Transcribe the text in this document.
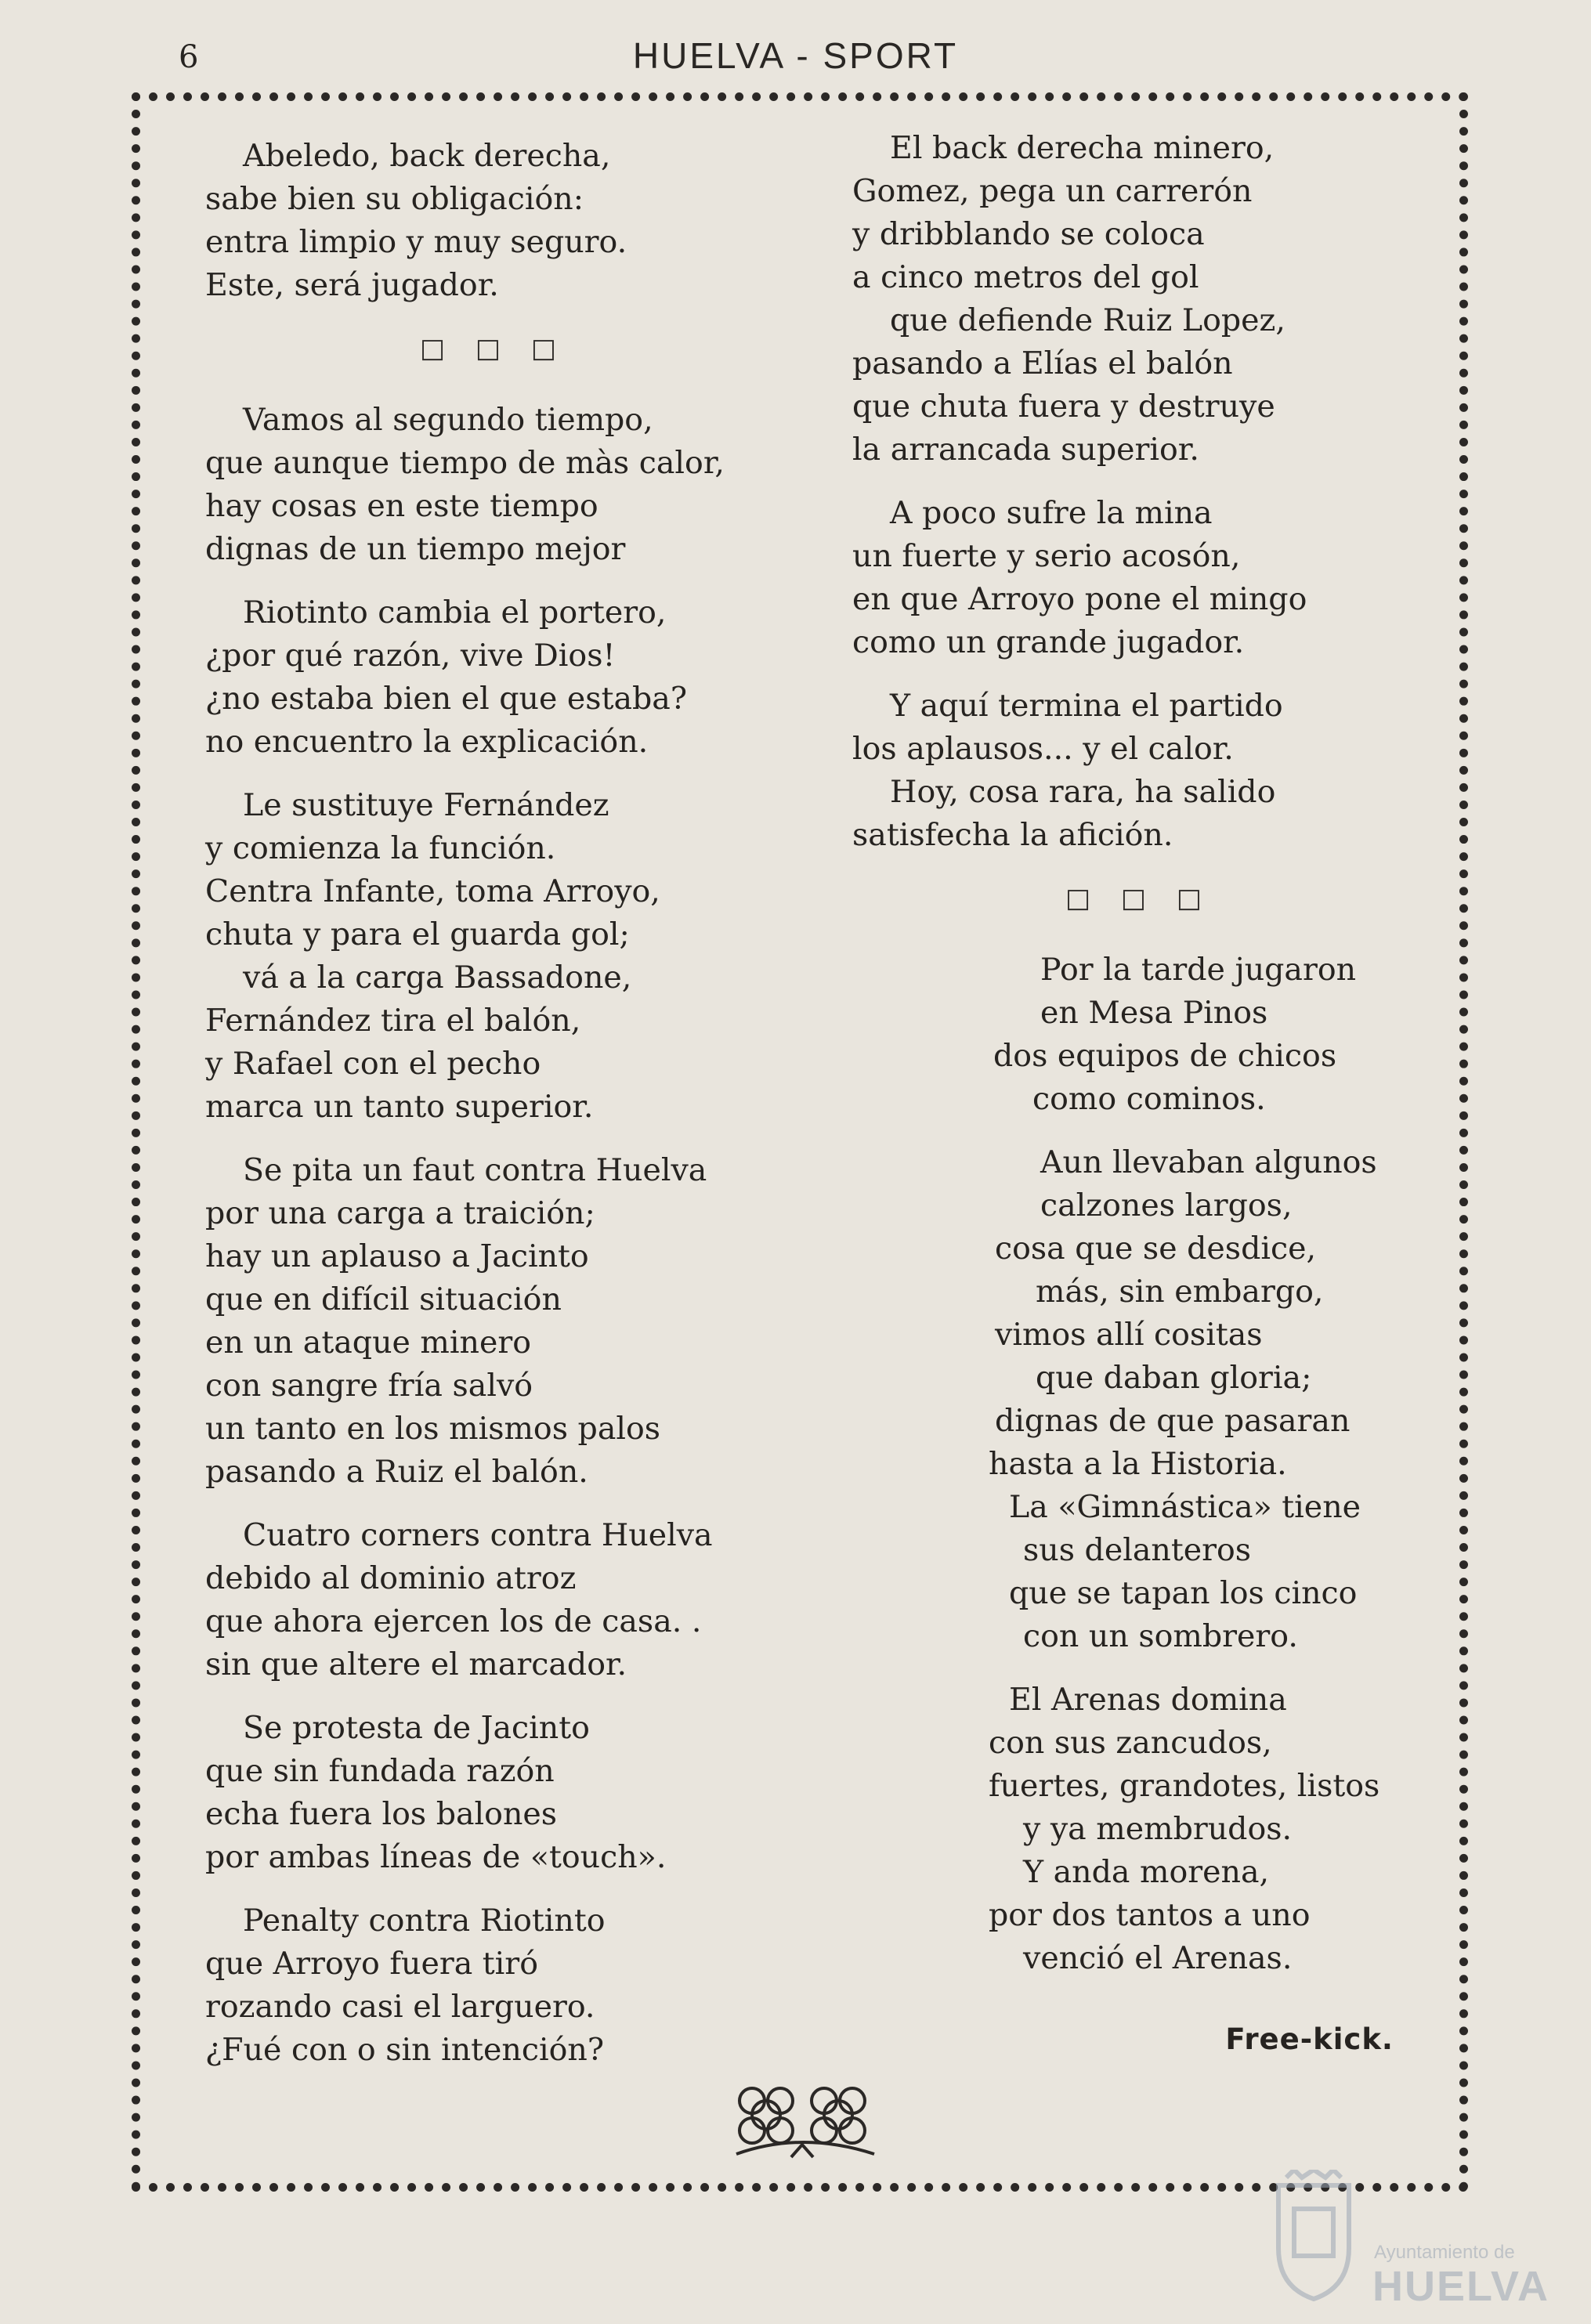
6	HUELVA - SPORT
Abeledo, back derecha,
sabe bien su obligación:
entra limpio y muy seguro.
Este, será jugador.
□ □ □
Vamos al segundo tiempo,
que aunque tiempo de màs calor,
hay cosas en este tiempo
dignas de un tiempo mejor
Riotinto cambia el portero,
¿por qué razón, vive Dios!
¿no estaba bien el que estaba?
no encuentro la explicación.
Le sustituye Fernández
y comienza la función.
Centra Infante, toma Arroyo,
chuta y para el guarda gol;
vá a la carga Bassadone,
Fernández tira el balón,
y Rafael con el pecho
marca un tanto superior.
Se pita un faut contra Huelva
por una carga a traición;
hay un aplauso a Jacinto
que en difícil situación
en un ataque minero
con sangre fría salvó
un tanto en los mismos palos
pasando a Ruiz el balón.
Cuatro corners contra Huelva
debido al dominio atroz
que ahora ejercen los de casa. .
sin que altere el marcador.
Se protesta de Jacinto
que sin fundada razón
echa fuera los balones
por ambas líneas de «touch».
Penalty contra Riotinto
que Arroyo fuera tiró
rozando casi el larguero.
¿Fué con o sin intención?
El back derecha minero,
Gomez, pega un carrerón
y dribblando se coloca
a cinco metros del gol
que defiende Ruiz Lopez,
pasando a Elías el balón
que chuta fuera y destruye
la arrancada superior.
A poco sufre la mina
un fuerte y serio acosón,
en que Arroyo pone el mingo
como un grande jugador.
Y aquí termina el partido
los aplausos... y el calor.
Hoy, cosa rara, ha salido
satisfecha la afición.
□ □ □
Por la tarde jugaron
en Mesa Pinos
dos equipos de chicos
como cominos.
Aun llevaban algunos
calzones largos,
cosa que se desdice,
más, sin embargo,
vimos allí cositas
que daban gloria;
dignas de que pasaran
hasta a la Historia.
La «Gimnástica» tiene
sus delanteros
que se tapan los cinco
con un sombrero.
El Arenas domina
con sus zancudos,
fuertes, grandotes, listos
y ya membrudos.
Y anda morena,
por dos tantos a uno
venció el Arenas.
Free-kick.
Ayuntamiento de
HUELVA
